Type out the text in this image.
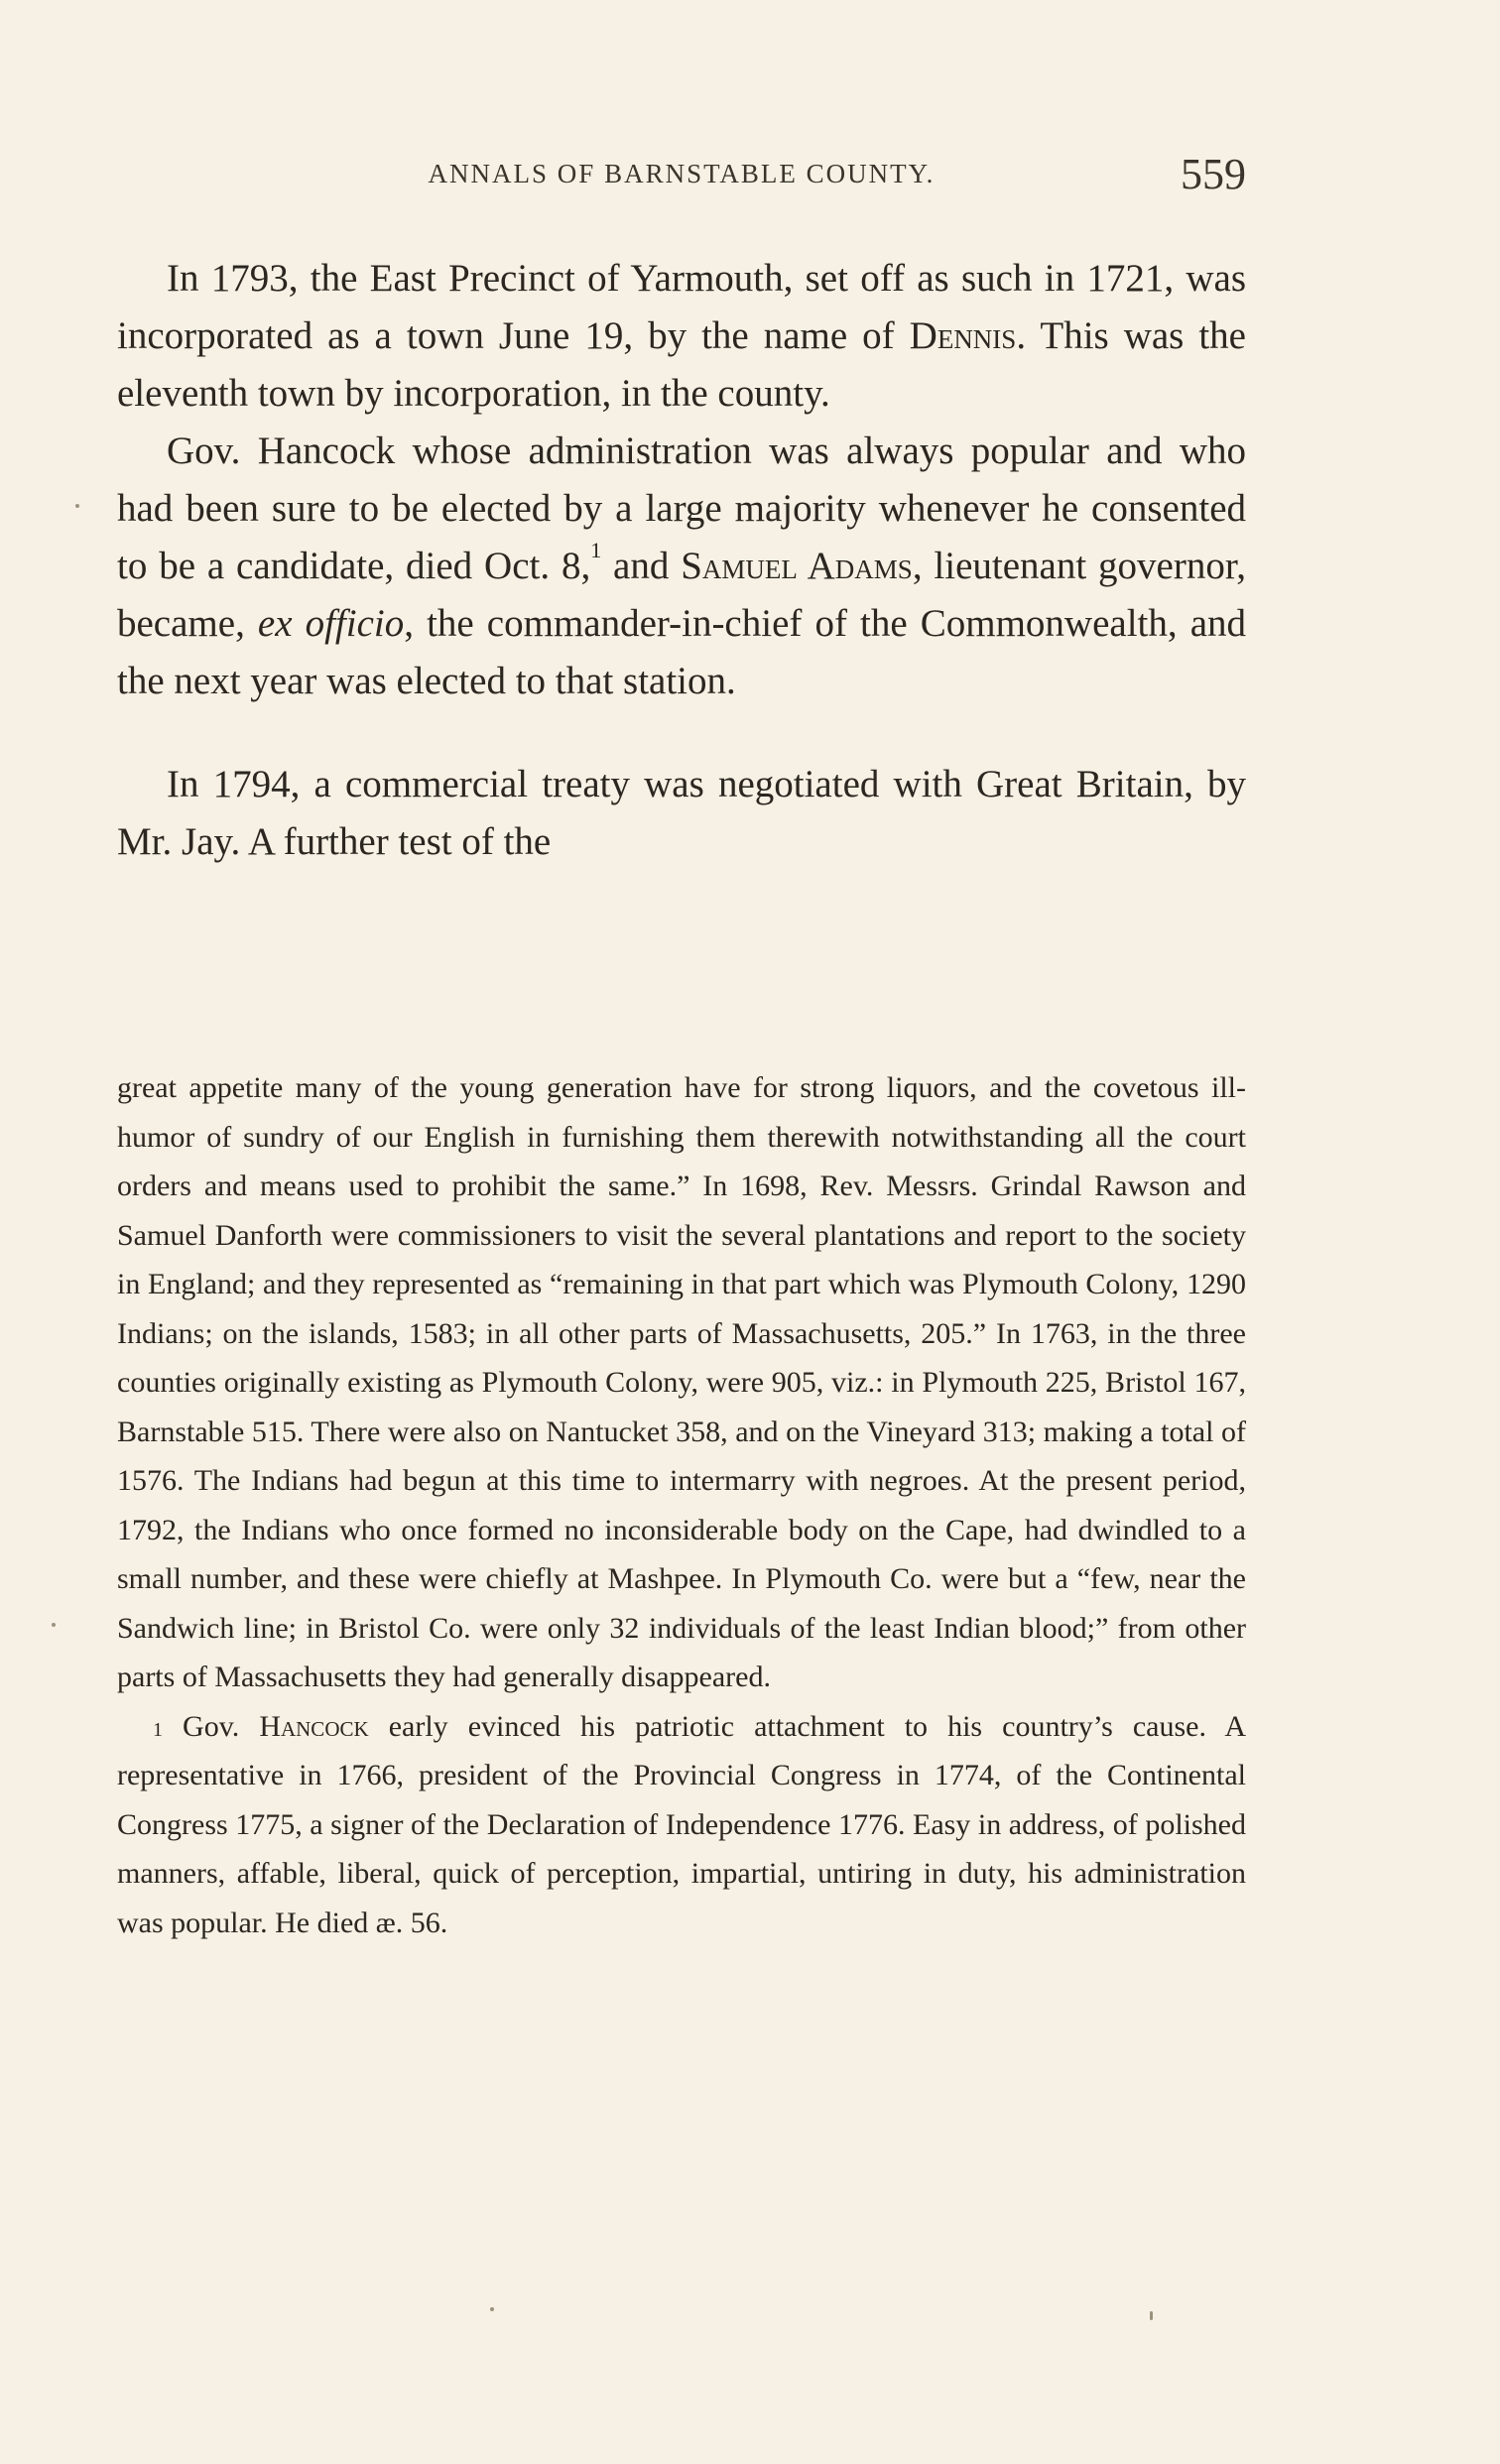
ANNALS OF BARNSTABLE COUNTY.	559

In 1793, the East Precinct of Yarmouth, set off as such in 1721, was incorporated as a town June 19, by the name of Dennis. This was the eleventh town by incorporation, in the county.

Gov. Hancock whose administration was always popular and who had been sure to be elected by a large majority whenever he consented to be a candidate, died Oct. 8,$^1$ and Samuel Adams, lieutenant governor, became, ex officio, the commander-in-chief of the Commonwealth, and the next year was elected to that station.

In 1794, a commercial treaty was negotiated with Great Britain, by Mr. Jay. A further test of the

great appetite many of the young generation have for strong liquors, and the covetous ill-humor of sundry of our English in furnishing them therewith notwithstanding all the court orders and means used to prohibit the same.” In 1698, Rev. Messrs. Grindal Rawson and Samuel Danforth were commissioners to visit the several plantations and report to the society in England; and they represented as “remaining in that part which was Plymouth Colony, 1290 Indians; on the islands, 1583; in all other parts of Massachusetts, 205.” In 1763, in the three counties originally existing as Plymouth Colony, were 905, viz.: in Plymouth 225, Bristol 167, Barnstable 515. There were also on Nantucket 358, and on the Vineyard 313; making a total of 1576. The Indians had begun at this time to intermarry with negroes. At the present period, 1792, the Indians who once formed no inconsiderable body on the Cape, had dwindled to a small number, and these were chiefly at Mashpee. In Plymouth Co. were but a “few, near the Sandwich line; in Bristol Co. were only 32 individuals of the least Indian blood;” from other parts of Massachusetts they had generally disappeared.

$^1$ Gov. Hancock early evinced his patriotic attachment to his country’s cause. A representative in 1766, president of the Provincial Congress in 1774, of the Continental Congress 1775, a signer of the Declaration of Independence 1776. Easy in address, of polished manners, affable, liberal, quick of perception, impartial, untiring in duty, his administration was popular. He died æ. 56.
